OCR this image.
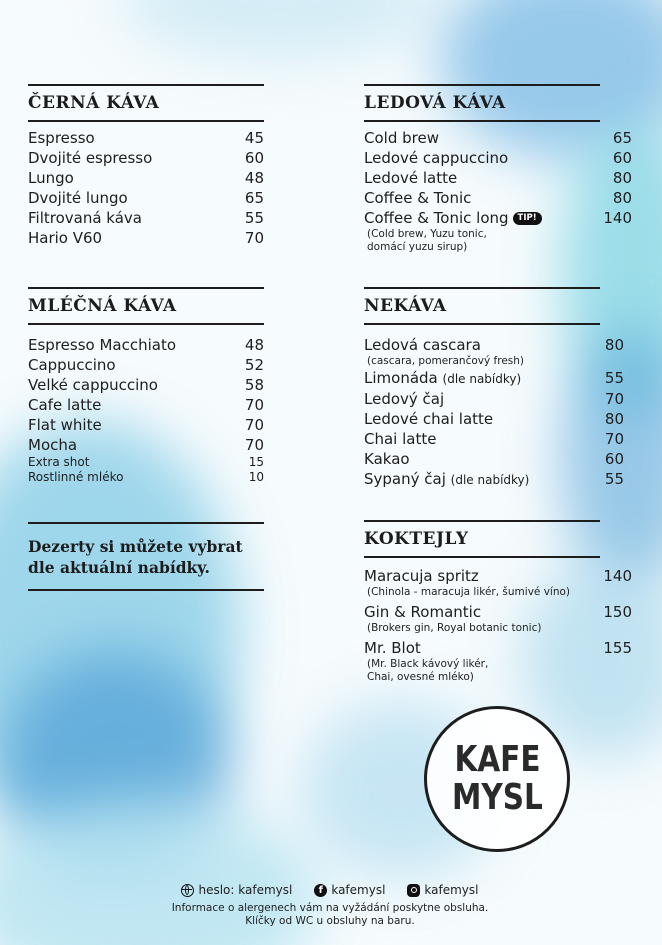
ČERNÁ KÁVA
Espresso	45
Dvojité espresso	60
Lungo	48
Dvojité lungo	65
Filtrovaná káva	55
Hario V60	70
MLÉČNÁ KÁVA
Espresso Macchiato	48
Cappuccino	52
Velké cappuccino	58
Cafe latte	70
Flat white	70
Mocha	70
Extra shot	15
Rostlinné mléko	10
Dezerty si můžete vybrat
dle aktuální nabídky.
LEDOVÁ KÁVA
Cold brew	65
Ledové cappuccino	60
Ledové latte	80
Coffee & Tonic	80
Coffee & Tonic long TIP!	140
(Cold brew, Yuzu tonic,
domácí yuzu sirup)
NEKÁVA
Ledová cascara	80
(cascara, pomerančový fresh)
Limonáda (dle nabídky)	55
Ledový čaj	70
Ledové chai latte	80
Chai latte	70
Kakao	60
Sypaný čaj (dle nabídky)	55
KOKTEJLY
Maracuja spritz	140
(Chinola - maracuja likér, šumivé víno)
Gin & Romantic	150
(Brokers gin, Royal botanic tonic)
Mr. Blot	155
(Mr. Black kávový likér,
Chai, ovesné mléko)
KAFE
MYSL
heslo: kafemysl	f kafemysl	kafemysl
Informace o alergenech vám na vyžádání poskytne obsluha.
Klíčky od WC u obsluhy na baru.
